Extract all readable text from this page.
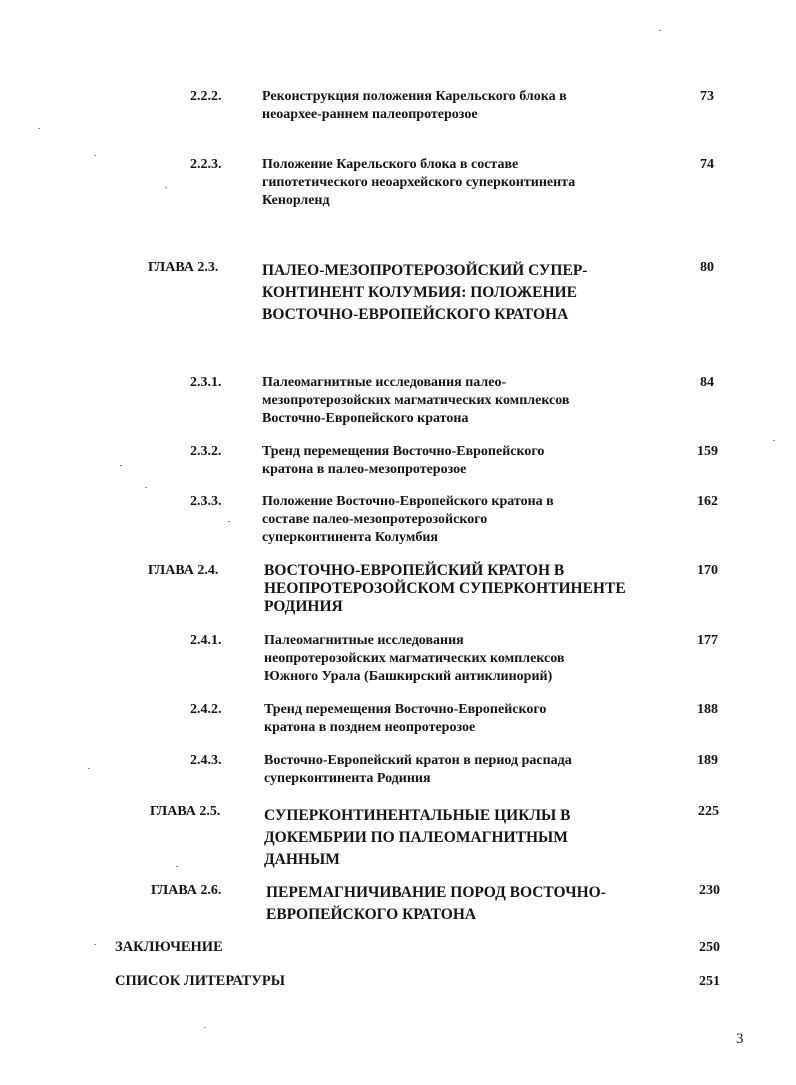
2.2.2.	Реконструкция положения Карельского блока в
неоархее-раннем палеопротерозое
73
2.2.3.	Положение Карельского блока в составе
гипотетического неоархейского суперконтинента
Кенорленд
74
ГЛАВА 2.3.	ПАЛЕО-МЕЗОПРОТЕРОЗОЙСКИЙ СУПЕР-
КОНТИНЕНТ КОЛУМБИЯ: ПОЛОЖЕНИЕ
ВОСТОЧНО-ЕВРОПЕЙСКОГО КРАТОНА
80
2.3.1.	Палеомагнитные исследования палео-
мезопротерозойских магматических комплексов
Восточно-Европейского кратона
84
2.3.2.	Тренд перемещения Восточно-Европейского
кратона в палео-мезопротерозое
159
2.3.3.	Положение Восточно-Европейского кратона в
составе палео-мезопротерозойского
суперконтинента Колумбия
162
ГЛАВА 2.4.	ВОСТОЧНО-ЕВРОПЕЙСКИЙ КРАТОН В
НЕОПРОТЕРОЗОЙСКОМ СУПЕРКОНТИНЕНТЕ
РОДИНИЯ
170
2.4.1.	Палеомагнитные исследования
неопротерозойских магматических комплексов
Южного Урала (Башкирский антиклинорий)
177
2.4.2.	Тренд перемещения Восточно-Европейского
кратона в позднем неопротерозое
188
2.4.3.	Восточно-Европейский кратон в период распада
суперконтинента Родиния
189
ГЛАВА 2.5.	СУПЕРКОНТИНЕНТАЛЬНЫЕ ЦИКЛЫ В
ДОКЕМБРИИ ПО ПАЛЕОМАГНИТНЫМ
ДАННЫМ
225
ГЛАВА 2.6.	ПЕРЕМАГНИЧИВАНИЕ ПОРОД ВОСТОЧНО-
ЕВРОПЕЙСКОГО КРАТОНА
230
ЗАКЛЮЧЕНИЕ	250
СПИСОК ЛИТЕРАТУРЫ	251
3
